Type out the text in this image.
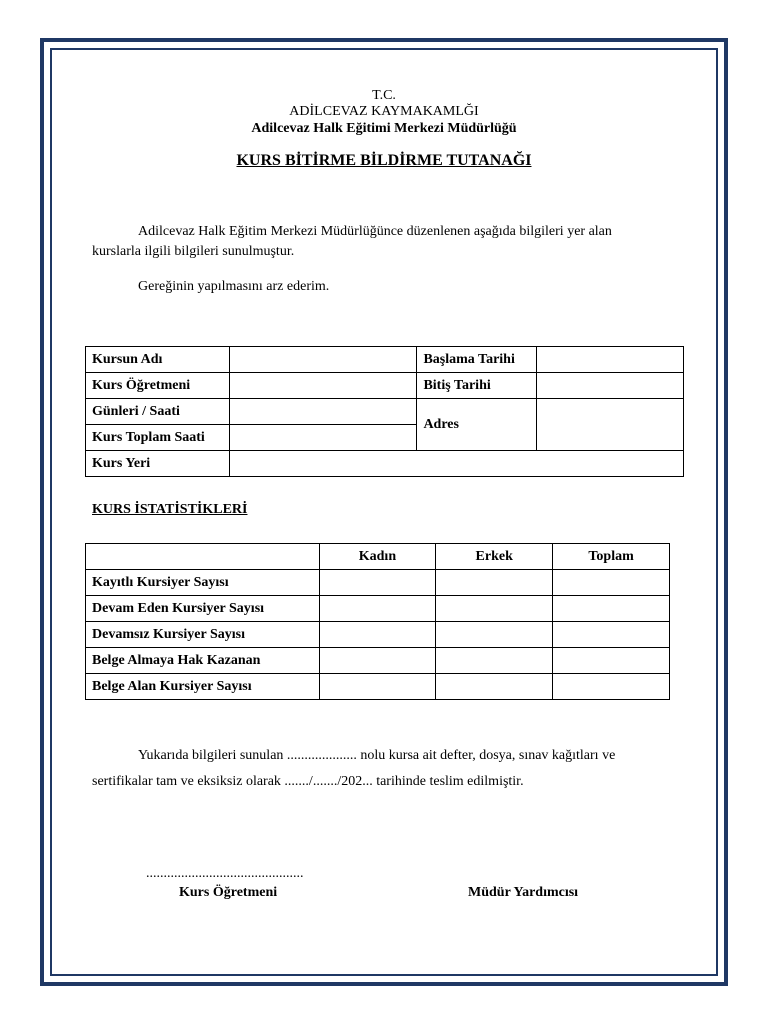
T.C.
ADİLCEVAZ KAYMAKAMLĞI
Adilcevaz Halk Eğitimi Merkezi Müdürlüğü
KURS BİTİRME BİLDİRME TUTANAĞI
Adilcevaz Halk Eğitim Merkezi Müdürlüğünce düzenlenen aşağıda bilgileri yer alan
kurslarla ilgili bilgileri sunulmuştur.
Gereğinin yapılmasını arz ederim.
Kursun Adı		Başlama Tarihi	
Kurs Öğretmeni		Bitiş Tarihi	
Günleri / Saati		Adres	
Kurs Toplam Saati			
Kurs Yeri			
KURS İSTATİSTİKLERİ
	Kadın	Erkek	Toplam
Kayıtlı Kursiyer Sayısı			
Devam Eden Kursiyer Sayısı			
Devamsız Kursiyer Sayısı			
Belge Almaya Hak Kazanan			
Belge Alan Kursiyer Sayısı			
Yukarıda bilgileri sunulan .................... nolu kursa ait defter, dosya, sınav kağıtları ve
sertifikalar tam ve eksiksiz olarak ......./......./202... tarihinde teslim edilmiştir.
.............................................
Kurs Öğretmeni	Müdür Yardımcısı
